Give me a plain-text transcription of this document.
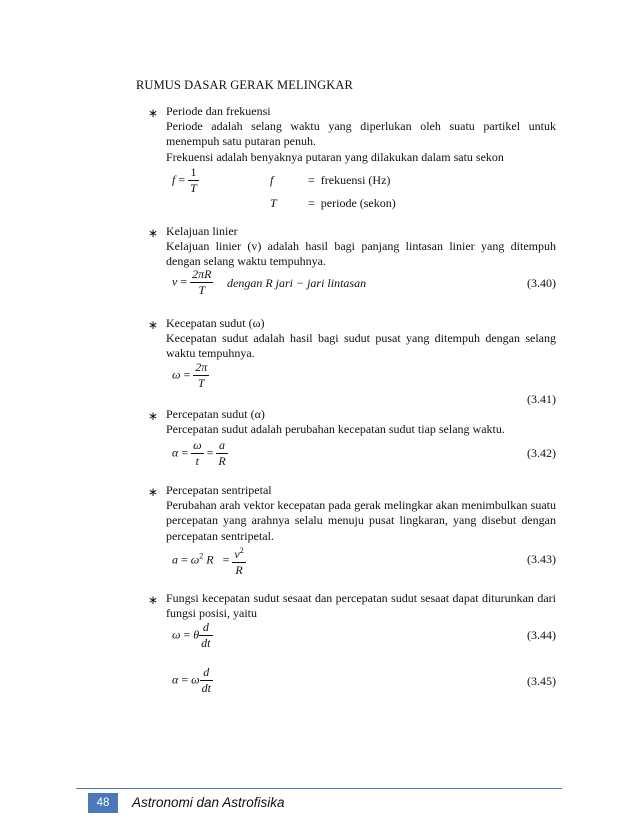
RUMUS DASAR GERAK MELINGKAR
∗ Periode dan frekuensi
Periode adalah selang waktu yang diperlukan oleh suatu partikel untuk menempuh satu putaran penuh.
Frekuensi adalah benyaknya putaran yang dilakukan dalam satu sekon
$f = \frac{1}{T}$	f	= frekuensi (Hz)
T	= periode (sekon)
∗ Kelajuan linier
Kelajuan linier (v) adalah hasil bagi panjang lintasan linier yang ditempuh dengan selang waktu tempuhnya.
$v = \frac{2\pi R}{T}$ dengan R jari − jari lintasan	(3.40)
∗ Kecepatan sudut (ω)
Kecepatan sudut adalah hasil bagi sudut pusat yang ditempuh dengan selang waktu tempuhnya.
$\omega = \frac{2\pi}{T}$
(3.41)
∗ Percepatan sudut (α)
Percepatan sudut adalah perubahan kecepatan sudut tiap selang waktu.
$\alpha = \frac{\omega}{t} = \frac{a}{R}$	(3.42)
∗ Percepatan sentripetal
Perubahan arah vektor kecepatan pada gerak melingkar akan menimbulkan suatu percepatan yang arahnya selalu menuju pusat lingkaran, yang disebut dengan percepatan sentripetal.
$a = \omega^2$ $R = \frac{v^2}{R}$	(3.43)
∗ Fungsi kecepatan sudut sesaat dan percepatan sudut sesaat dapat diturunkan dari fungsi posisi, yaitu
ω = θ $\frac{d}{dt}$	(3.44)
α = ω $\frac{d}{dt}$	(3.45)
48	Astronomi dan Astrofisika
